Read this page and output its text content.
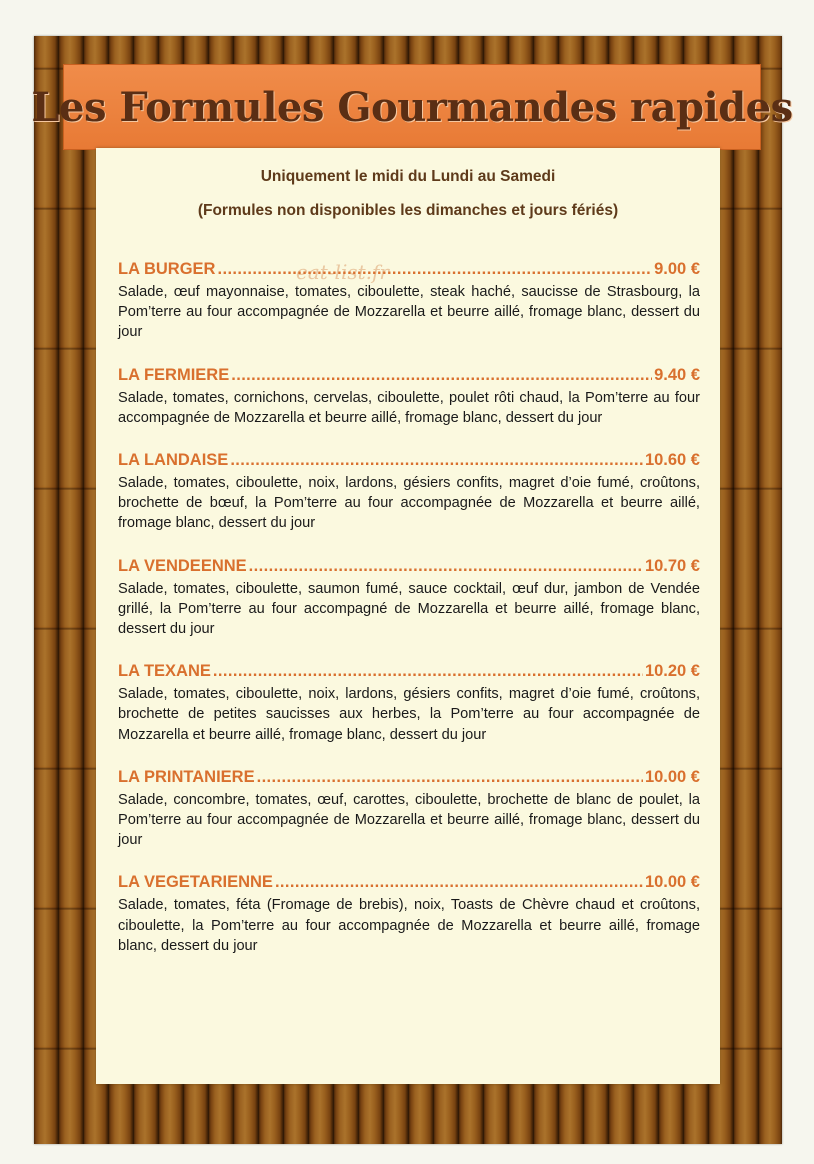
Les Formules Gourmandes rapides
Uniquement le midi du Lundi au Samedi
(Formules non disponibles les dimanches et jours fériés)
eat-list.fr
LA BURGER .....	9.00 €
Salade, œuf mayonnaise, tomates, ciboulette, steak haché, saucisse de Strasbourg, la Pom’terre au four accompagnée de Mozzarella et beurre aillé, fromage blanc, dessert du jour
LA FERMIERE .....	9.40 €
Salade, tomates, cornichons, cervelas, ciboulette, poulet rôti chaud, la Pom’terre au four accompagnée de Mozzarella et beurre aillé, fromage blanc, dessert du jour
LA LANDAISE .....	10.60 €
Salade, tomates, ciboulette, noix, lardons, gésiers confits, magret d’oie fumé, croûtons, brochette de bœuf, la Pom’terre au four accompagnée de Mozzarella et beurre aillé, fromage blanc, dessert du jour
LA VENDEENNE .....	10.70 €
Salade, tomates, ciboulette, saumon fumé, sauce cocktail, œuf dur, jambon de Vendée grillé, la Pom’terre au four accompagné de Mozzarella et beurre aillé, fromage blanc, dessert du jour
LA TEXANE .....	10.20 €
Salade, tomates, ciboulette, noix, lardons, gésiers confits, magret d’oie fumé, croûtons, brochette de petites saucisses aux herbes, la Pom’terre au four accompagnée de Mozzarella et beurre aillé, fromage blanc, dessert du jour
LA PRINTANIERE .....	10.00 €
Salade, concombre, tomates, œuf, carottes, ciboulette, brochette de blanc de poulet, la Pom’terre au four accompagnée de Mozzarella et beurre aillé, fromage blanc, dessert du jour
LA VEGETARIENNE .....	10.00 €
Salade, tomates, féta (Fromage de brebis), noix, Toasts de Chèvre chaud et croûtons, ciboulette, la Pom’terre au four accompagnée de Mozzarella et beurre aillé, fromage blanc, dessert du jour
